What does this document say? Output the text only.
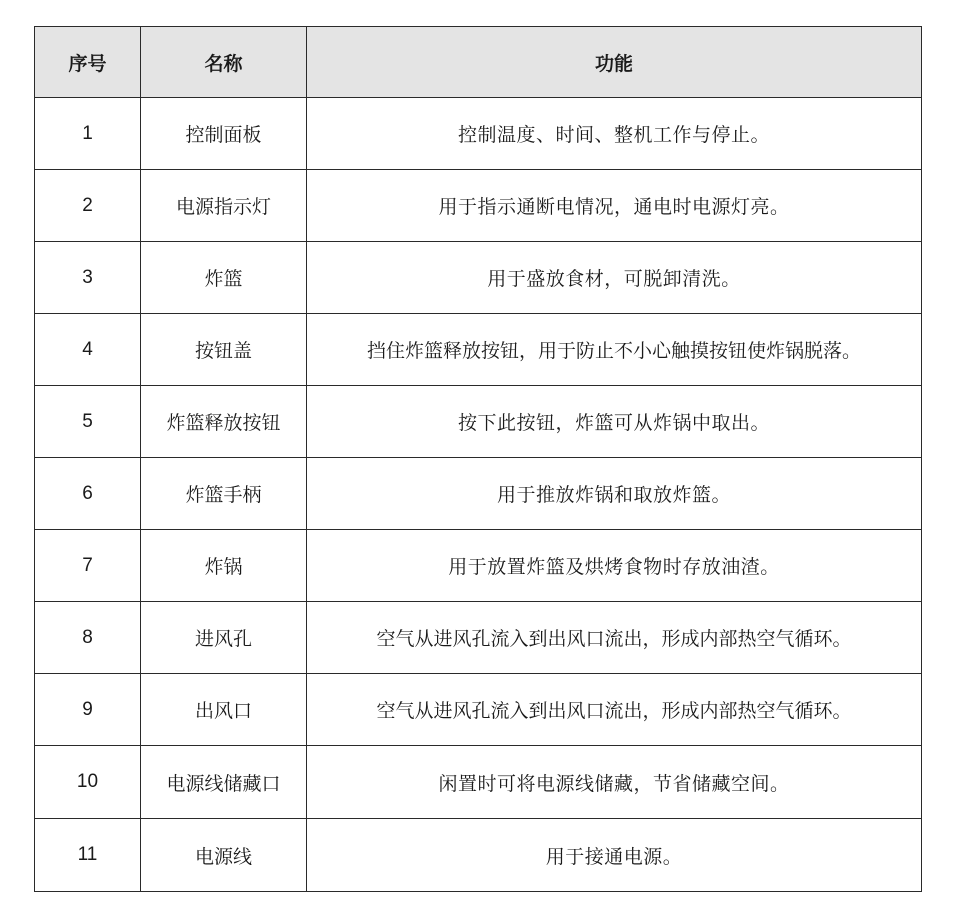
序号	名称	功能
1	控制面板	控制温度、时间、整机工作与停止。
2	电源指示灯	用于指示通断电情况，通电时电源灯亮。
3	炸篮	用于盛放食材，可脱卸清洗。
4	按钮盖	挡住炸篮释放按钮，用于防止不小心触摸按钮使炸锅脱落。
5	炸篮释放按钮	按下此按钮，炸篮可从炸锅中取出。
6	炸篮手柄	用于推放炸锅和取放炸篮。
7	炸锅	用于放置炸篮及烘烤食物时存放油渣。
8	进风孔	空气从进风孔流入到出风口流出，形成内部热空气循环。
9	出风口	空气从进风孔流入到出风口流出，形成内部热空气循环。
10	电源线储藏口	闲置时可将电源线储藏，节省储藏空间。
11	电源线	用于接通电源。
